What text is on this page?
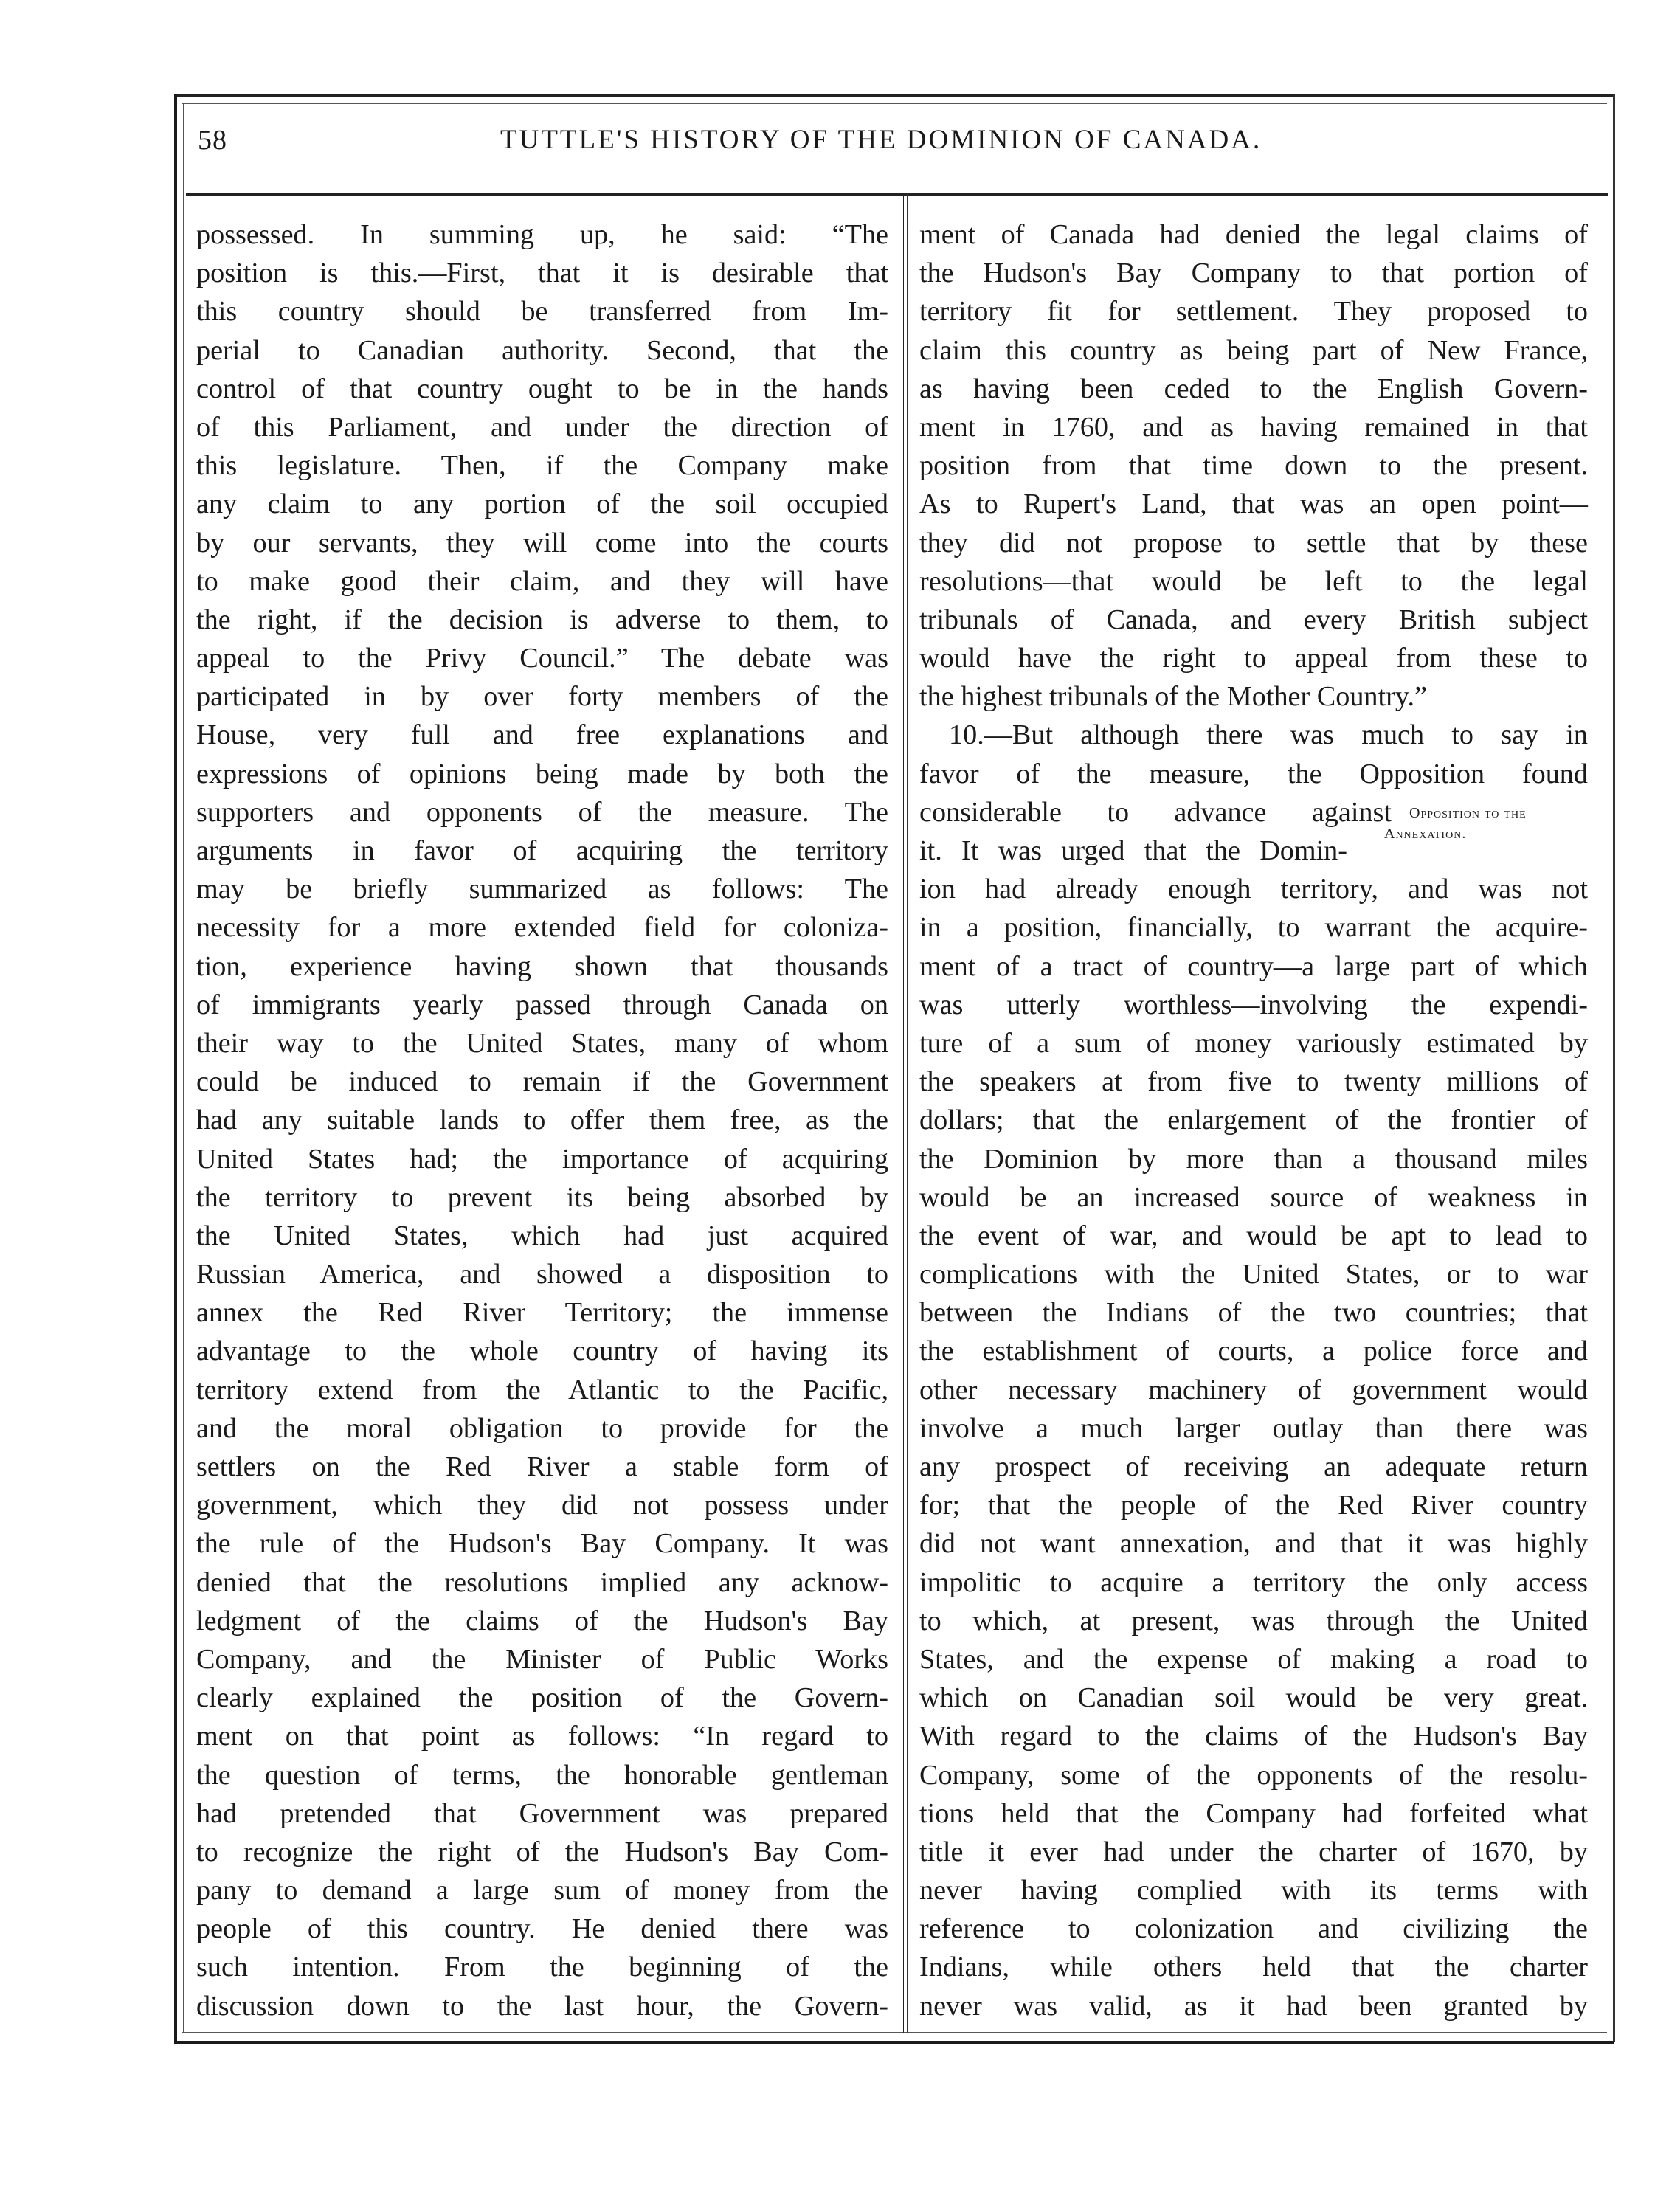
58	TUTTLE'S HISTORY OF THE DOMINION OF CANADA.
possessed. In summing up, he said: “The
position is this.—First, that it is desirable that
this country should be transferred from Im-
perial to Canadian authority. Second, that the
control of that country ought to be in the hands
of this Parliament, and under the direction of
this legislature. Then, if the Company make
any claim to any portion of the soil occupied
by our servants, they will come into the courts
to make good their claim, and they will have
the right, if the decision is adverse to them, to
appeal to the Privy Council.” The debate was
participated in by over forty members of the
House, very full and free explanations and
expressions of opinions being made by both the
supporters and opponents of the measure. The
arguments in favor of acquiring the territory
may be briefly summarized as follows: The
necessity for a more extended field for coloniza-
tion, experience having shown that thousands
of immigrants yearly passed through Canada on
their way to the United States, many of whom
could be induced to remain if the Government
had any suitable lands to offer them free, as the
United States had; the importance of acquiring
the territory to prevent its being absorbed by
the United States, which had just acquired
Russian America, and showed a disposition to
annex the Red River Territory; the immense
advantage to the whole country of having its
territory extend from the Atlantic to the Pacific,
and the moral obligation to provide for the
settlers on the Red River a stable form of
government, which they did not possess under
the rule of the Hudson's Bay Company. It was
denied that the resolutions implied any acknow-
ledgment of the claims of the Hudson's Bay
Company, and the Minister of Public Works
clearly explained the position of the Govern-
ment on that point as follows: “In regard to
the question of terms, the honorable gentleman
had pretended that Government was prepared
to recognize the right of the Hudson's Bay Com-
pany to demand a large sum of money from the
people of this country. He denied there was
such intention. From the beginning of the
discussion down to the last hour, the Govern-
ment of Canada had denied the legal claims of
the Hudson's Bay Company to that portion of
territory fit for settlement. They proposed to
claim this country as being part of New France,
as having been ceded to the English Govern-
ment in 1760, and as having remained in that
position from that time down to the present.
As to Rupert's Land, that was an open point—
they did not propose to settle that by these
resolutions—that would be left to the legal
tribunals of Canada, and every British subject
would have the right to appeal from these to
the highest tribunals of the Mother Country.”
10.—But although there was much to say in
favor of the measure, the Opposition found
considerable to advance against Opposition to the
it. It was urged that the Domin-
Annexation.
ion had already enough territory, and was not
in a position, financially, to warrant the acquire-
ment of a tract of country—a large part of which
was utterly worthless—involving the expendi-
ture of a sum of money variously estimated by
the speakers at from five to twenty millions of
dollars; that the enlargement of the frontier of
the Dominion by more than a thousand miles
would be an increased source of weakness in
the event of war, and would be apt to lead to
complications with the United States, or to war
between the Indians of the two countries; that
the establishment of courts, a police force and
other necessary machinery of government would
involve a much larger outlay than there was
any prospect of receiving an adequate return
for; that the people of the Red River country
did not want annexation, and that it was highly
impolitic to acquire a territory the only access
to which, at present, was through the United
States, and the expense of making a road to
which on Canadian soil would be very great.
With regard to the claims of the Hudson's Bay
Company, some of the opponents of the resolu-
tions held that the Company had forfeited what
title it ever had under the charter of 1670, by
never having complied with its terms with
reference to colonization and civilizing the
Indians, while others held that the charter
never was valid, as it had been granted by
